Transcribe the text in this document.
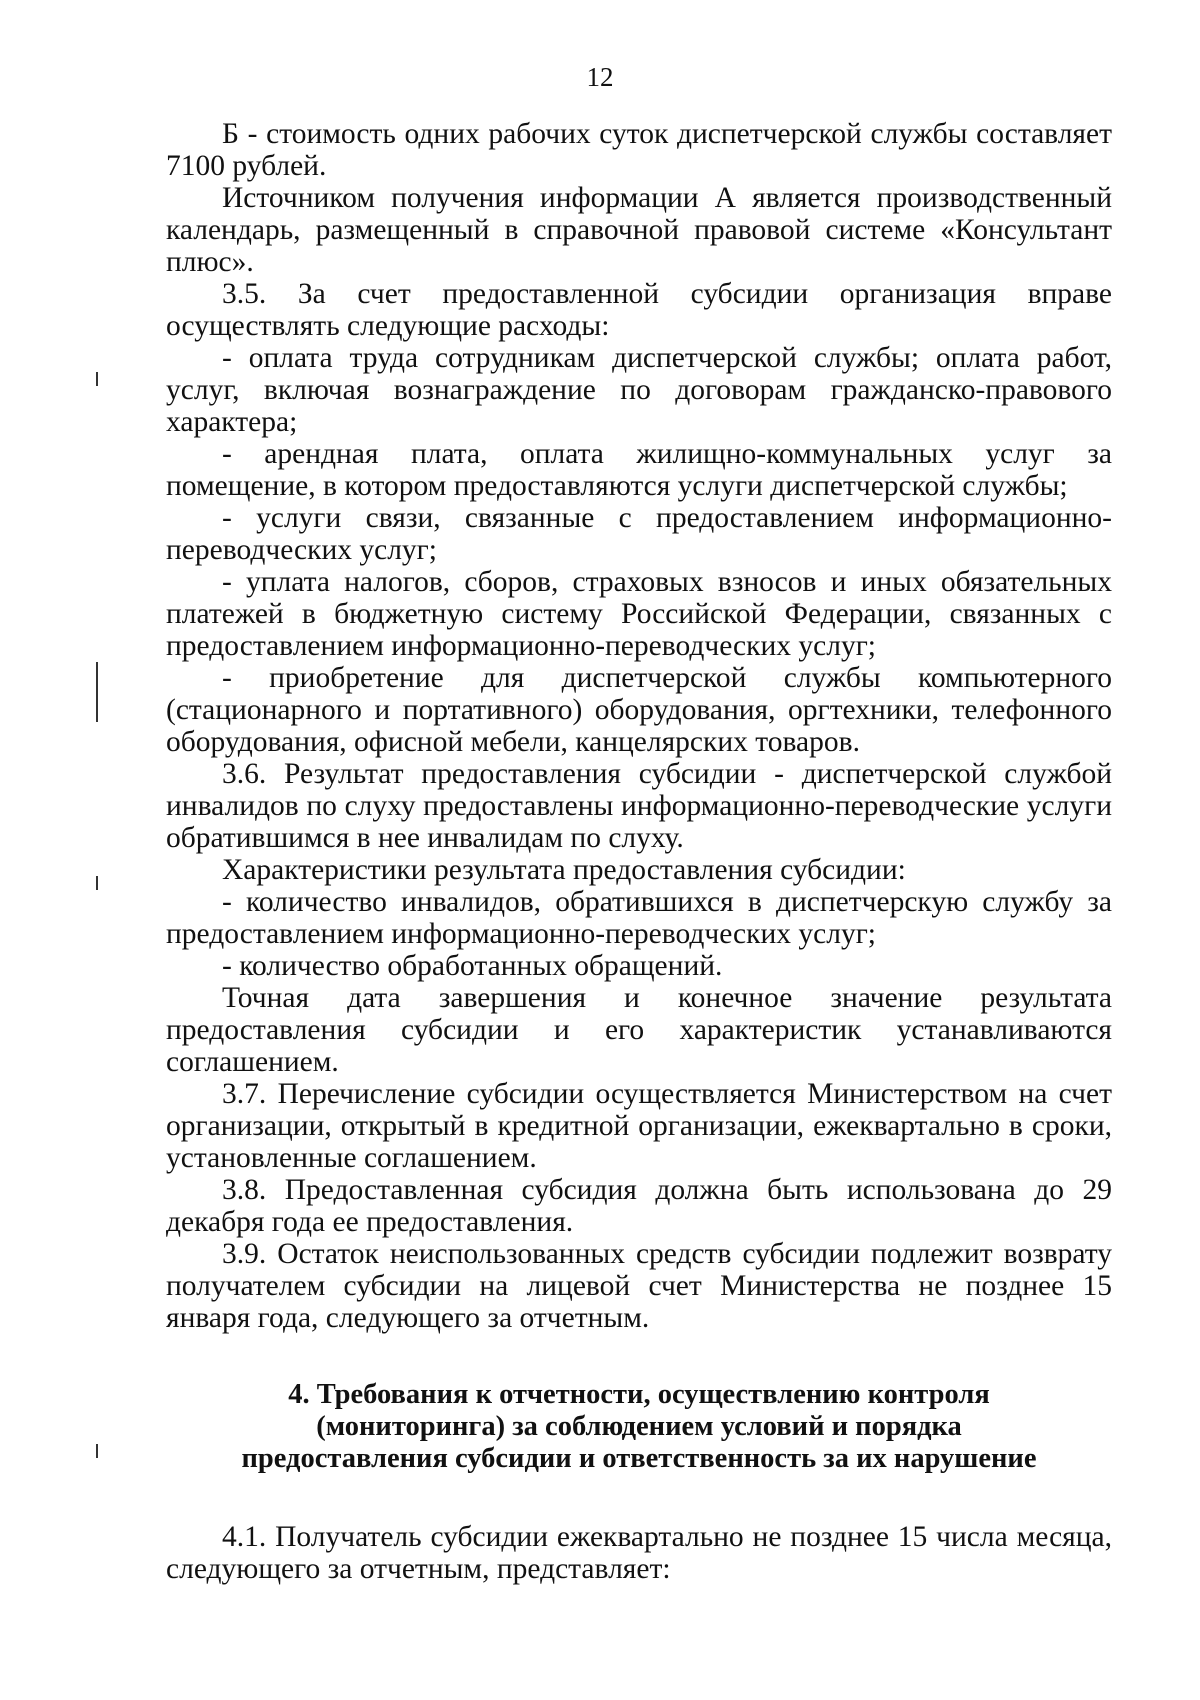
12

Б - стоимость одних рабочих суток диспетчерской службы составляет 7100 рублей.

Источником получения информации А является производственный календарь, размещенный в справочной правовой системе «Консультант плюс».

3.5. За счет предоставленной субсидии организация вправе осуществлять следующие расходы:

- оплата труда сотрудникам диспетчерской службы; оплата работ, услуг, включая вознаграждение по договорам гражданско-правового характера;

- арендная плата, оплата жилищно-коммунальных услуг за помещение, в котором предоставляются услуги диспетчерской службы;

- услуги связи, связанные с предоставлением информационно-переводческих услуг;

- уплата налогов, сборов, страховых взносов и иных обязательных платежей в бюджетную систему Российской Федерации, связанных с предоставлением информационно-переводческих услуг;

- приобретение для диспетчерской службы компьютерного (стационарного и портативного) оборудования, оргтехники, телефонного оборудования, офисной мебели, канцелярских товаров.

3.6. Результат предоставления субсидии - диспетчерской службой инвалидов по слуху предоставлены информационно-переводческие услуги обратившимся в нее инвалидам по слуху.

Характеристики результата предоставления субсидии:

- количество инвалидов, обратившихся в диспетчерскую службу за предоставлением информационно-переводческих услуг;

- количество обработанных обращений.

Точная дата завершения и конечное значение результата предоставления субсидии и его характеристик устанавливаются соглашением.

3.7. Перечисление субсидии осуществляется Министерством на счет организации, открытый в кредитной организации, ежеквартально в сроки, установленные соглашением.

3.8. Предоставленная субсидия должна быть использована до 29 декабря года ее предоставления.

3.9. Остаток неиспользованных средств субсидии подлежит возврату получателем субсидии на лицевой счет Министерства не позднее 15 января года, следующего за отчетным.

4. Требования к отчетности, осуществлению контроля
(мониторинга) за соблюдением условий и порядка
предоставления субсидии и ответственность за их нарушение

4.1. Получатель субсидии ежеквартально не позднее 15 числа месяца, следующего за отчетным, представляет:
